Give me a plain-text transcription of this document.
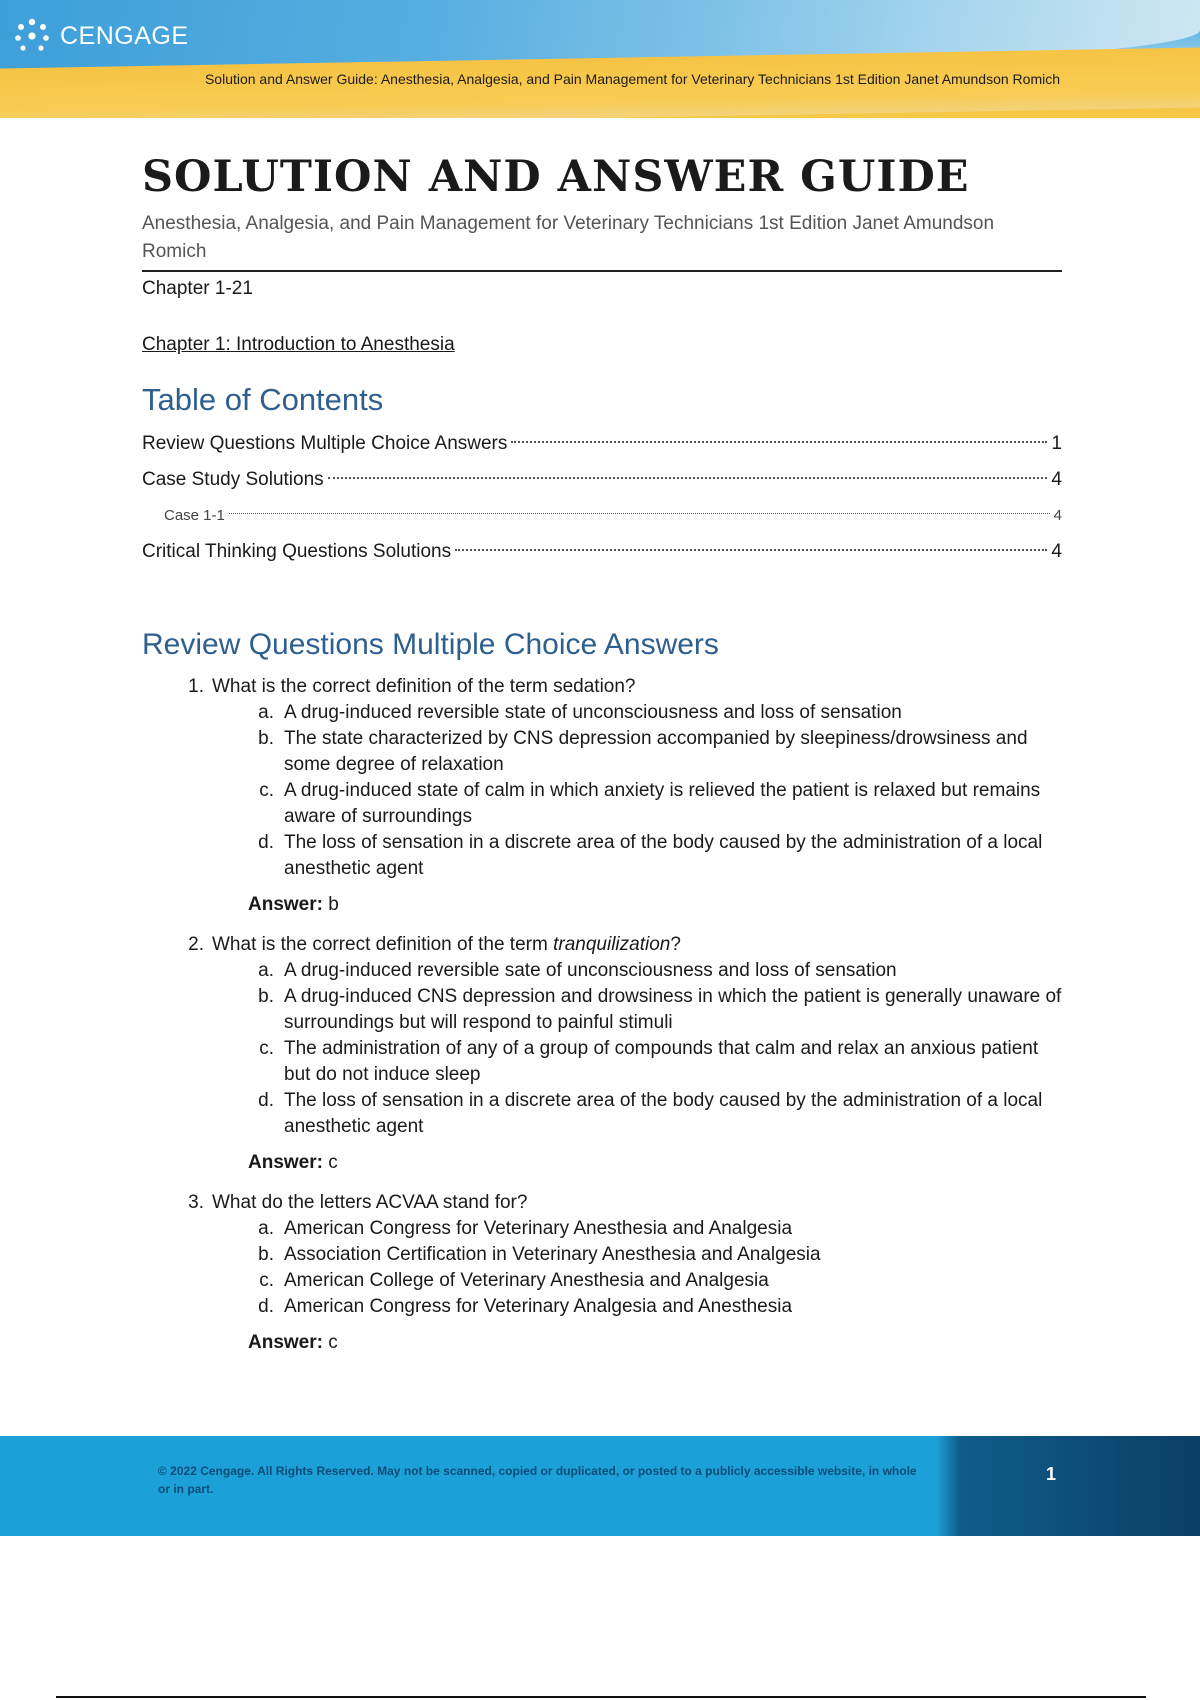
CENGAGE
Solution and Answer Guide: Anesthesia, Analgesia, and Pain Management for Veterinary Technicians 1st Edition Janet Amundson Romich
SOLUTION AND ANSWER GUIDE
Anesthesia, Analgesia, and Pain Management for Veterinary Technicians 1st Edition Janet Amundson Romich
Chapter 1-21
Chapter 1: Introduction to Anesthesia
Table of Contents
Review Questions Multiple Choice Answers	1
Case Study Solutions	4
Case 1-1	4
Critical Thinking Questions Solutions	4
Review Questions Multiple Choice Answers
1. What is the correct definition of the term sedation?
a. A drug-induced reversible state of unconsciousness and loss of sensation
b. The state characterized by CNS depression accompanied by sleepiness/drowsiness and some degree of relaxation
c. A drug-induced state of calm in which anxiety is relieved the patient is relaxed but remains aware of surroundings
d. The loss of sensation in a discrete area of the body caused by the administration of a local anesthetic agent
Answer: b
2. What is the correct definition of the term tranquilization?
a. A drug-induced reversible sate of unconsciousness and loss of sensation
b. A drug-induced CNS depression and drowsiness in which the patient is generally unaware of surroundings but will respond to painful stimuli
c. The administration of any of a group of compounds that calm and relax an anxious patient but do not induce sleep
d. The loss of sensation in a discrete area of the body caused by the administration of a local anesthetic agent
Answer: c
3. What do the letters ACVAA stand for?
a. American Congress for Veterinary Anesthesia and Analgesia
b. Association Certification in Veterinary Anesthesia and Analgesia
c. American College of Veterinary Anesthesia and Analgesia
d. American Congress for Veterinary Analgesia and Anesthesia
Answer: c
© 2022 Cengage. All Rights Reserved. May not be scanned, copied or duplicated, or posted to a publicly accessible website, in whole or in part.
1
